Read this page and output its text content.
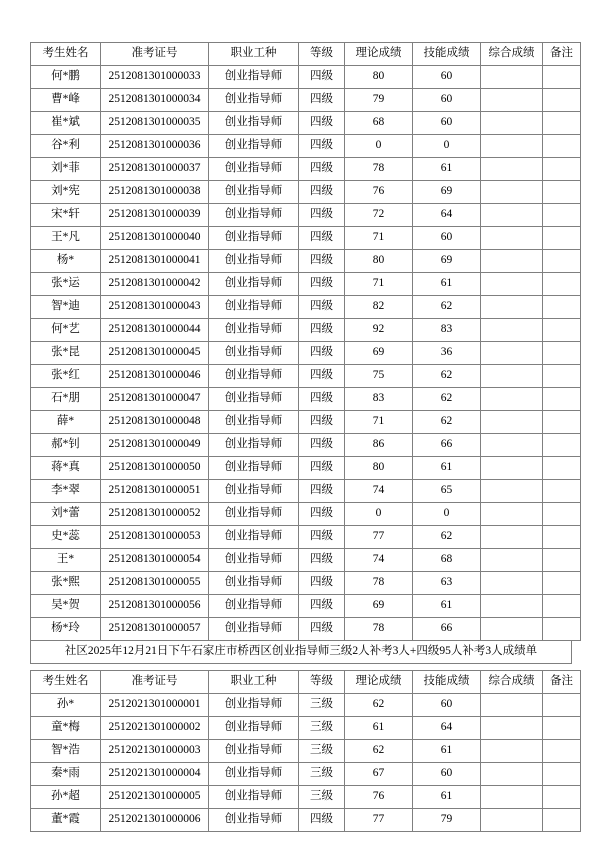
考生姓名	准考证号	职业工种	等级	理论成绩	技能成绩	综合成绩	备注
何*鹏	2512081301000033	创业指导师	四级	80	60		
曹*峰	2512081301000034	创业指导师	四级	79	60		
崔*斌	2512081301000035	创业指导师	四级	68	60		
谷*利	2512081301000036	创业指导师	四级	0	0		
刘*菲	2512081301000037	创业指导师	四级	78	61		
刘*宪	2512081301000038	创业指导师	四级	76	69		
宋*轩	2512081301000039	创业指导师	四级	72	64		
王*凡	2512081301000040	创业指导师	四级	71	60		
杨*	2512081301000041	创业指导师	四级	80	69		
张*运	2512081301000042	创业指导师	四级	71	61		
智*迪	2512081301000043	创业指导师	四级	82	62		
何*艺	2512081301000044	创业指导师	四级	92	83		
张*昆	2512081301000045	创业指导师	四级	69	36		
张*红	2512081301000046	创业指导师	四级	75	62		
石*朋	2512081301000047	创业指导师	四级	83	62		
薛*	2512081301000048	创业指导师	四级	71	62		
郝*钊	2512081301000049	创业指导师	四级	86	66		
蒋*真	2512081301000050	创业指导师	四级	80	61		
李*翠	2512081301000051	创业指导师	四级	74	65		
刘*蕾	2512081301000052	创业指导师	四级	0	0		
史*蕊	2512081301000053	创业指导师	四级	77	62		
王*	2512081301000054	创业指导师	四级	74	68		
张*熙	2512081301000055	创业指导师	四级	78	63		
吴*贺	2512081301000056	创业指导师	四级	69	61		
杨*玲	2512081301000057	创业指导师	四级	78	66		
社区2025年12月21日下午石家庄市桥西区创业指导师三级2人补考3人+四级95人补考3人成绩单
考生姓名	准考证号	职业工种	等级	理论成绩	技能成绩	综合成绩	备注
孙*	2512021301000001	创业指导师	三级	62	60		
童*梅	2512021301000002	创业指导师	三级	61	64		
智*浩	2512021301000003	创业指导师	三级	62	61		
秦*雨	2512021301000004	创业指导师	三级	67	60		
孙*超	2512021301000005	创业指导师	三级	76	61		
董*霞	2512021301000006	创业指导师	四级	77	79		
